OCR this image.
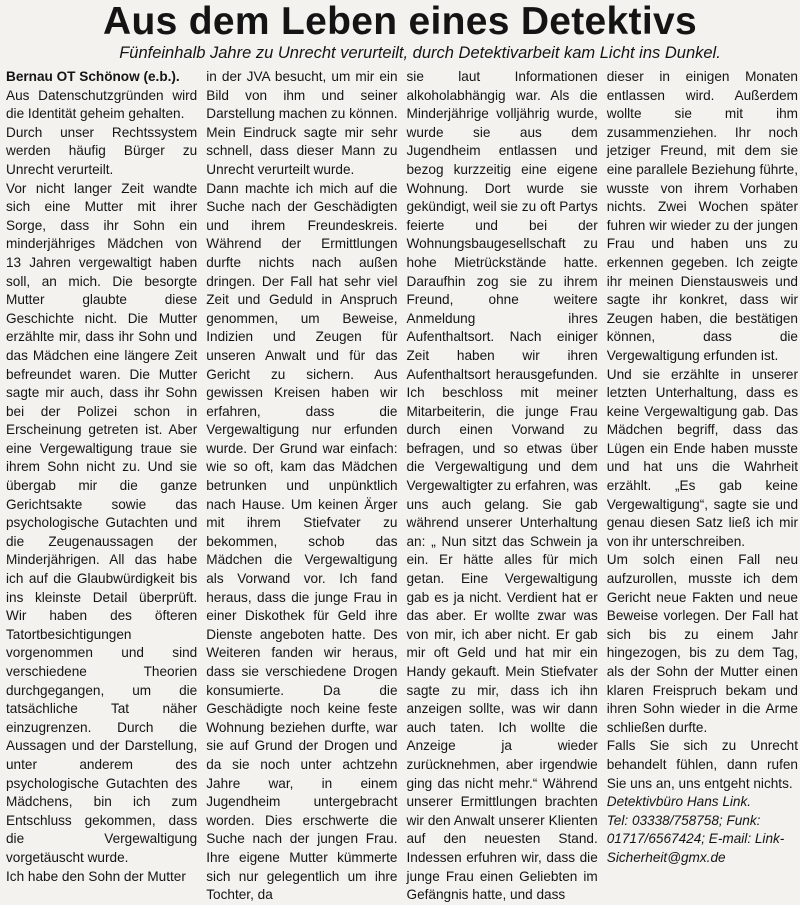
Aus dem Leben eines Detektivs

Fünfeinhalb Jahre zu Unrecht verurteilt, durch Detektivarbeit kam Licht ins Dunkel.

Bernau OT Schönow (e.b.).

Aus Datenschutzgründen wird die Identität geheim gehalten.

Durch unser Rechtssystem werden häufig Bürger zu Unrecht verurteilt.

Vor nicht langer Zeit wandte sich eine Mutter mit ihrer Sorge, dass ihr Sohn ein minderjähriges Mädchen von 13 Jahren vergewaltigt haben soll, an mich. Die besorgte Mutter glaubte diese Geschichte nicht. Die Mutter erzählte mir, dass ihr Sohn und das Mädchen eine längere Zeit befreundet waren. Die Mutter sagte mir auch, dass ihr Sohn bei der Polizei schon in Erscheinung getreten ist. Aber eine Vergewaltigung traue sie ihrem Sohn nicht zu. Und sie übergab mir die ganze Gerichtsakte sowie das psychologische Gutachten und die Zeugenaussagen der Minderjährigen. All das habe ich auf die Glaubwürdigkeit bis ins kleinste Detail überprüft. Wir haben des öfteren Tatortbesichtigungen vorgenommen und sind verschiedene Theorien durchgegangen, um die tatsächliche Tat näher einzugrenzen. Durch die Aussagen und der Darstellung, unter anderem des psychologische Gutachten des Mädchens, bin ich zum Entschluss gekommen, dass die Vergewaltigung vorgetäuscht wurde.

Ich habe den Sohn der Mutter

in der JVA besucht, um mir ein Bild von ihm und seiner Darstellung machen zu können. Mein Eindruck sagte mir sehr schnell, dass dieser Mann zu Unrecht verurteilt wurde.

Dann machte ich mich auf die Suche nach der Geschädigten und ihrem Freundeskreis. Während der Ermittlungen durfte nichts nach außen dringen. Der Fall hat sehr viel Zeit und Geduld in Anspruch genommen, um Beweise, Indizien und Zeugen für unseren Anwalt und für das Gericht zu sichern. Aus gewissen Kreisen haben wir erfahren, dass die Vergewaltigung nur erfunden wurde. Der Grund war einfach: wie so oft, kam das Mädchen betrunken und unpünktlich nach Hause. Um keinen Ärger mit ihrem Stiefvater zu bekommen, schob das Mädchen die Vergewaltigung als Vorwand vor. Ich fand heraus, dass die junge Frau in einer Diskothek für Geld ihre Dienste angeboten hatte. Des Weiteren fanden wir heraus, dass sie verschiedene Drogen konsumierte. Da die Geschädigte noch keine feste Wohnung beziehen durfte, war sie auf Grund der Drogen und da sie noch unter achtzehn Jahre war, in einem Jugendheim untergebracht worden. Dies erschwerte die Suche nach der jungen Frau. Ihre eigene Mutter kümmerte sich nur gelegentlich um ihre Tochter, da

sie laut Informationen alkoholabhängig war. Als die Minderjährige volljährig wurde, wurde sie aus dem Jugendheim entlassen und bezog kurzzeitig eine eigene Wohnung. Dort wurde sie gekündigt, weil sie zu oft Partys feierte und bei der Wohnungsbaugesellschaft zu hohe Mietrückstände hatte. Daraufhin zog sie zu ihrem Freund, ohne weitere Anmeldung ihres Aufenthaltsort. Nach einiger Zeit haben wir ihren Aufenthaltsort herausgefunden. Ich beschloss mit meiner Mitarbeiterin, die junge Frau durch einen Vorwand zu befragen, und so etwas über die Vergewaltigung und dem Vergewaltigter zu erfahren, was uns auch gelang. Sie gab während unserer Unterhaltung an: „ Nun sitzt das Schwein ja ein. Er hätte alles für mich getan. Eine Vergewaltigung gab es ja nicht. Verdient hat er das aber. Er wollte zwar was von mir, ich aber nicht. Er gab mir oft Geld und hat mir ein Handy gekauft. Mein Stiefvater sagte zu mir, dass ich ihn anzeigen sollte, was wir dann auch taten. Ich wollte die Anzeige ja wieder zurücknehmen, aber irgendwie ging das nicht mehr.“ Während unserer Ermittlungen brachten wir den Anwalt unserer Klienten auf den neuesten Stand. Indessen erfuhren wir, dass die junge Frau einen Geliebten im Gefängnis hatte, und dass

dieser in einigen Monaten entlassen wird. Außerdem wollte sie mit ihm zusammenziehen. Ihr noch jetziger Freund, mit dem sie eine parallele Beziehung führte, wusste von ihrem Vorhaben nichts. Zwei Wochen später fuhren wir wieder zu der jungen Frau und haben uns zu erkennen gegeben. Ich zeigte ihr meinen Dienstausweis und sagte ihr konkret, dass wir Zeugen haben, die bestätigen können, dass die Vergewaltigung erfunden ist.

Und sie erzählte in unserer letzten Unterhaltung, dass es keine Vergewaltigung gab. Das Mädchen begriff, dass das Lügen ein Ende haben musste und hat uns die Wahrheit erzählt. „Es gab keine Vergewaltigung“, sagte sie und genau diesen Satz ließ ich mir von ihr unterschreiben.

Um solch einen Fall neu aufzurollen, musste ich dem Gericht neue Fakten und neue Beweise vorlegen. Der Fall hat sich bis zu einem Jahr hingezogen, bis zu dem Tag, als der Sohn der Mutter einen klaren Freispruch bekam und ihren Sohn wieder in die Arme schließen durfte.

Falls Sie sich zu Unrecht behandelt fühlen, dann rufen Sie uns an, uns entgeht nichts.

Detektivbüro Hans Link.

Tel: 03338/758758; Funk: 01717/6567424; E-mail: Link-Sicherheit@gmx.de
